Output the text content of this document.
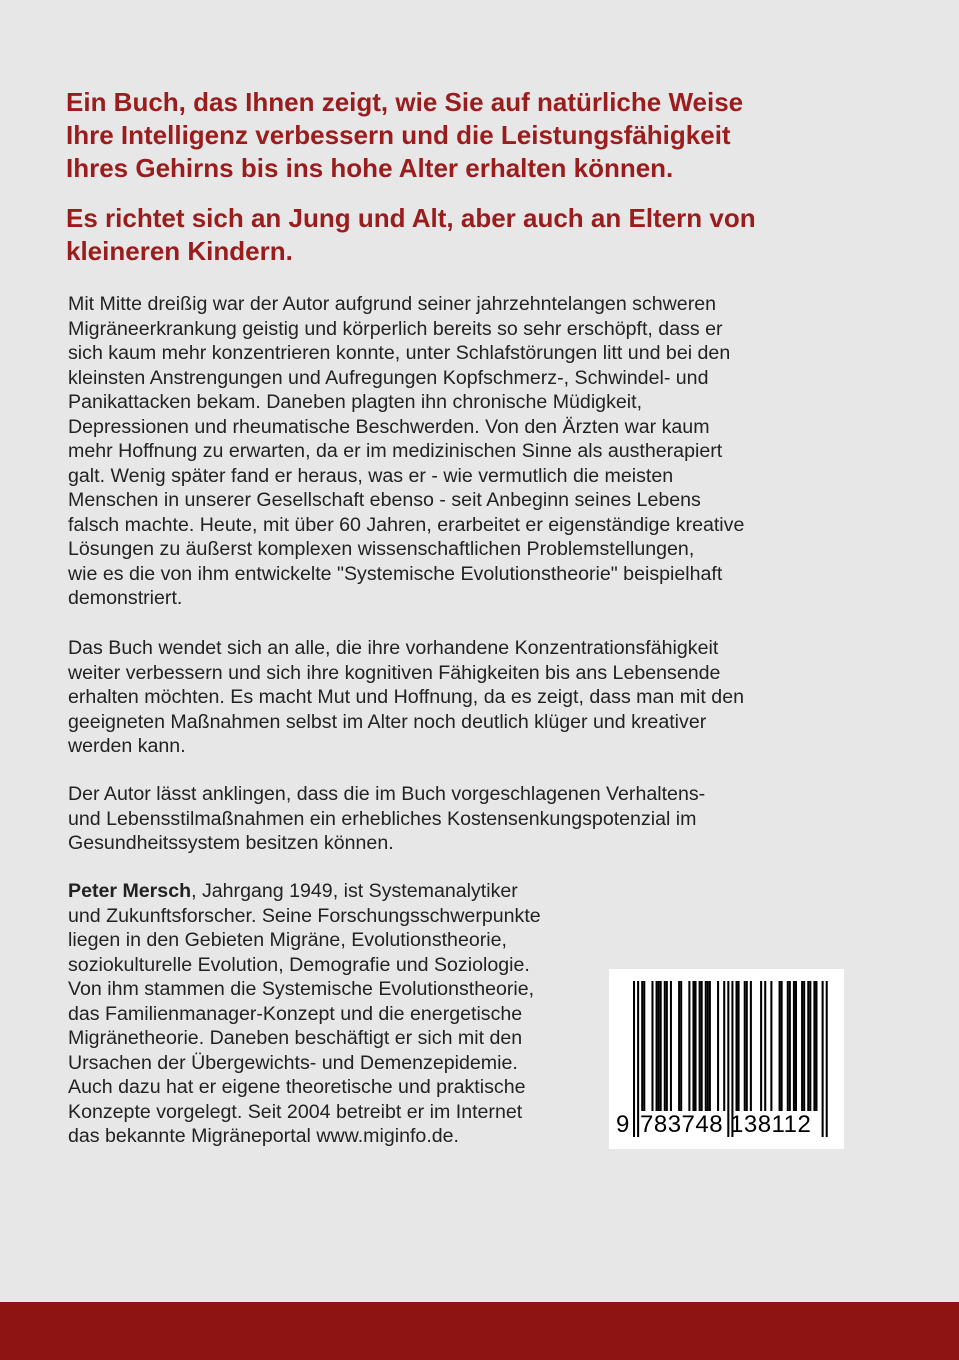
Ein Buch, das Ihnen zeigt, wie Sie auf natürliche Weise
Ihre Intelligenz verbessern und die Leistungsfähigkeit
Ihres Gehirns bis ins hohe Alter erhalten können.
Es richtet sich an Jung und Alt, aber auch an Eltern von
kleineren Kindern.
Mit Mitte dreißig war der Autor aufgrund seiner jahrzehntelangen schweren
Migräneerkrankung geistig und körperlich bereits so sehr erschöpft, dass er
sich kaum mehr konzentrieren konnte, unter Schlafstörungen litt und bei den
kleinsten Anstrengungen und Aufregungen Kopfschmerz-, Schwindel- und
Panikattacken bekam. Daneben plagten ihn chronische Müdigkeit,
Depressionen und rheumatische Beschwerden. Von den Ärzten war kaum
mehr Hoffnung zu erwarten, da er im medizinischen Sinne als austherapiert
galt. Wenig später fand er heraus, was er - wie vermutlich die meisten
Menschen in unserer Gesellschaft ebenso - seit Anbeginn seines Lebens
falsch machte. Heute, mit über 60 Jahren, erarbeitet er eigenständige kreative
Lösungen zu äußerst komplexen wissenschaftlichen Problemstellungen,
wie es die von ihm entwickelte "Systemische Evolutionstheorie" beispielhaft
demonstriert.
Das Buch wendet sich an alle, die ihre vorhandene Konzentrationsfähigkeit
weiter verbessern und sich ihre kognitiven Fähigkeiten bis ans Lebensende
erhalten möchten. Es macht Mut und Hoffnung, da es zeigt, dass man mit den
geeigneten Maßnahmen selbst im Alter noch deutlich klüger und kreativer
werden kann.
Der Autor lässt anklingen, dass die im Buch vorgeschlagenen Verhaltens-
und Lebensstilmaßnahmen ein erhebliches Kostensenkungspotenzial im
Gesundheitssystem besitzen können.
Peter Mersch, Jahrgang 1949, ist Systemanalytiker
und Zukunftsforscher. Seine Forschungsschwerpunkte
liegen in den Gebieten Migräne, Evolutionstheorie,
soziokulturelle Evolution, Demografie und Soziologie.
Von ihm stammen die Systemische Evolutionstheorie,
das Familienmanager-Konzept und die energetische
Migränetheorie. Daneben beschäftigt er sich mit den
Ursachen der Übergewichts- und Demenzepidemie.
Auch dazu hat er eigene theoretische und praktische
Konzepte vorgelegt. Seit 2004 betreibt er im Internet
das bekannte Migräneportal www.miginfo.de.	9 783748 138112
